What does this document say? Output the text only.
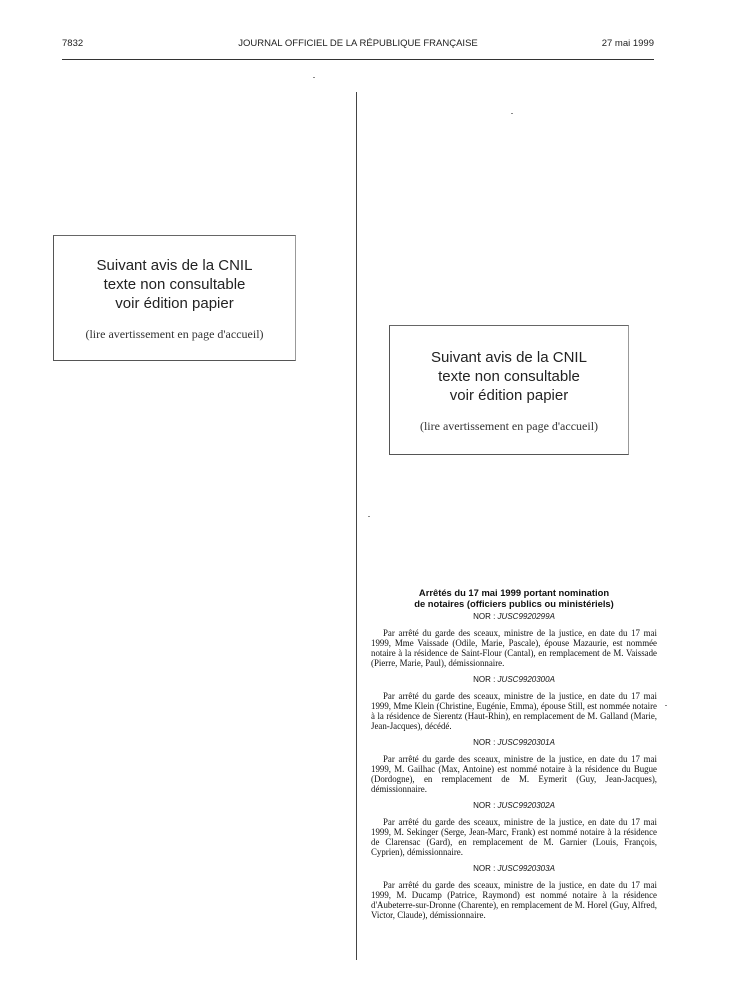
7832	JOURNAL OFFICIEL DE LA RÉPUBLIQUE FRANÇAISE	27 mai 1999
Suivant avis de la CNIL
texte non consultable
voir édition papier
(lire avertissement en page d'accueil)
Suivant avis de la CNIL
texte non consultable
voir édition papier
(lire avertissement en page d'accueil)

Arrêtés du 17 mai 1999 portant nomination

de notaires (officiers publics ou ministériels)

NOR : JUSC9920299A

Par arrêté du garde des sceaux, ministre de la justice, en date du 17 mai 1999, Mme Vaissade (Odile, Marie, Pascale), épouse Mazaurie, est nommée notaire à la résidence de Saint-Flour (Cantal), en remplacement de M. Vaissade (Pierre, Marie, Paul), démissionnaire.

NOR : JUSC9920300A

Par arrêté du garde des sceaux, ministre de la justice, en date du 17 mai 1999, Mme Klein (Christine, Eugénie, Emma), épouse Still, est nommée notaire à la résidence de Sierentz (Haut-Rhin), en remplacement de M. Galland (Marie, Jean-Jacques), décédé.

NOR : JUSC9920301A

Par arrêté du garde des sceaux, ministre de la justice, en date du 17 mai 1999, M. Gailhac (Max, Antoine) est nommé notaire à la résidence du Bugue (Dordogne), en remplacement de M. Eymerit (Guy, Jean-Jacques), démissionnaire.

NOR : JUSC9920302A

Par arrêté du garde des sceaux, ministre de la justice, en date du 17 mai 1999, M. Sekinger (Serge, Jean-Marc, Frank) est nommé notaire à la résidence de Clarensac (Gard), en remplacement de M. Garnier (Louis, François, Cyprien), démissionnaire.

NOR : JUSC9920303A

Par arrêté du garde des sceaux, ministre de la justice, en date du 17 mai 1999, M. Ducamp (Patrice, Raymond) est nommé notaire à la résidence d'Aubeterre-sur-Dronne (Charente), en remplacement de M. Horel (Guy, Alfred, Victor, Claude), démissionnaire.
